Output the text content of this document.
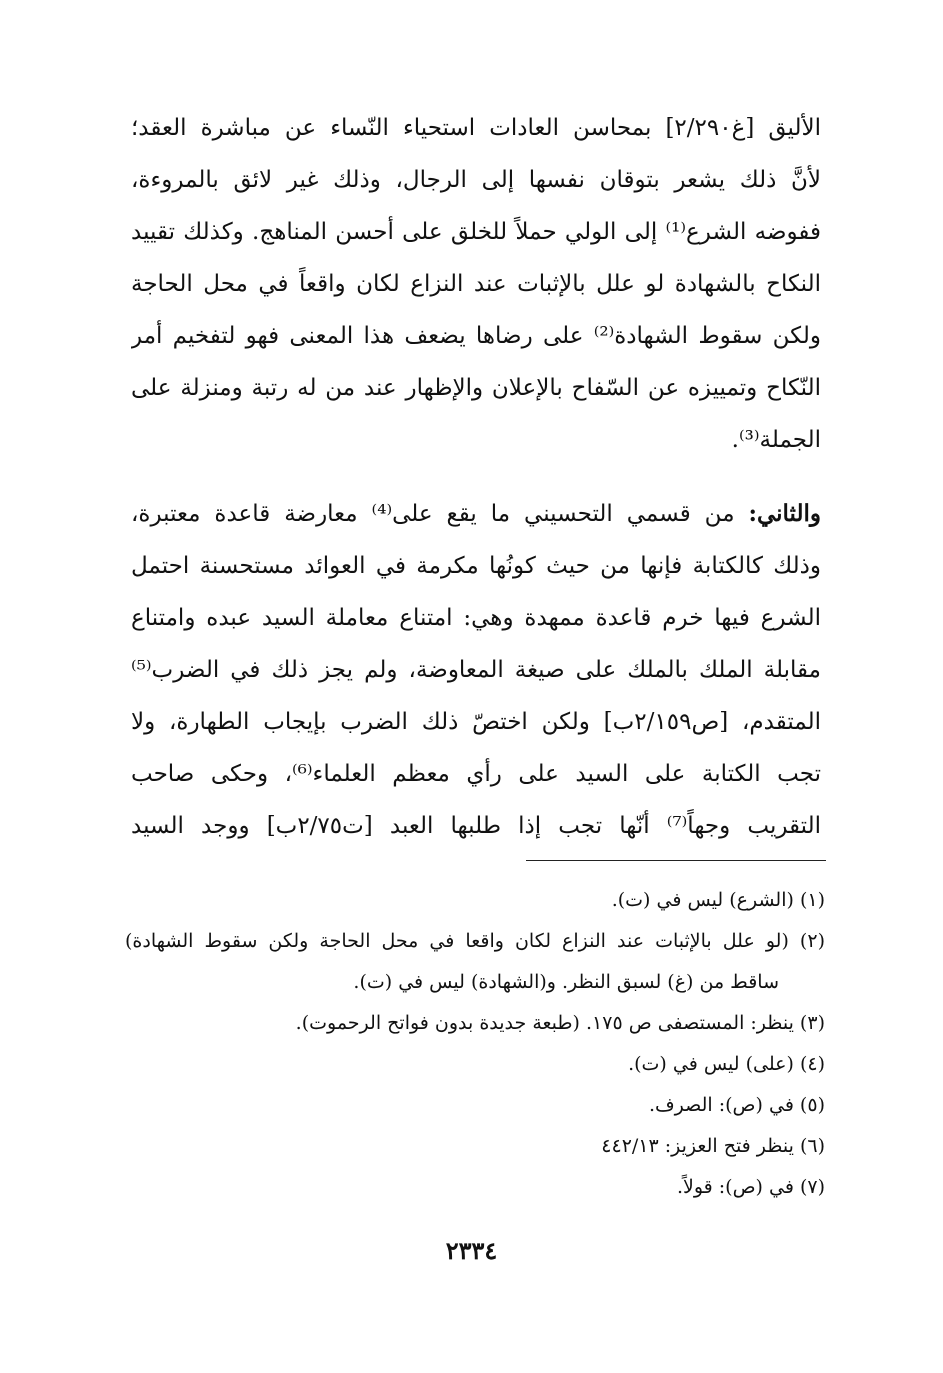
الأليق [غ٢/٢٩٠] بمحاسن العادات استحياء النّساء عن مباشرة العقد؛
لأنَّ ذلك يشعر بتوقان نفسها إلى الرجال، وذلك غير لائق بالمروءة،
ففوضه الشرع⁽¹⁾ إلى الولي حملاً للخلق على أحسن المناهج. وكذلك تقييد
النكاح بالشهادة لو علل بالإثبات عند النزاع لكان واقعاً في محل الحاجة
ولكن سقوط الشهادة⁽²⁾ على رضاها يضعف هذا المعنى فهو لتفخيم أمر
النّكاح وتمييزه عن السّفاح بالإعلان والإظهار عند من له رتبة ومنزلة على
الجملة⁽³⁾.
والثاني: من قسمي التحسيني ما يقع على⁽⁴⁾ معارضة قاعدة معتبرة،
وذلك كالكتابة فإنها من حيث كونُها مكرمة في العوائد مستحسنة احتمل
الشرع فيها خرم قاعدة ممهدة وهي: امتناع معاملة السيد عبده وامتناع
مقابلة الملك بالملك على صيغة المعاوضة، ولم يجز ذلك في الضرب⁽⁵⁾
المتقدم، [ص٢/١٥٩ب] ولكن اختصّ ذلك الضرب بإيجاب الطهارة، ولا
تجب الكتابة على السيد على رأي معظم العلماء⁽⁶⁾، وحكى صاحب
التقريب وجهاً⁽⁷⁾ أنّها تجب إذا طلبها العبد [ت٢/٧٥ب] ووجد السيد
(١) (الشرع) ليس في (ت).
(٢) (لو علل بالإثبات عند النزاع لكان واقعا في محل الحاجة ولكن سقوط الشهادة)
ساقط من (غ) لسبق النظر. و(الشهادة) ليس في (ت).
(٣) ينظر: المستصفى ص ١٧٥. (طبعة جديدة بدون فواتح الرحموت).
(٤) (على) ليس في (ت).
(٥) في (ص): الصرف.
(٦) ينظر فتح العزيز: ٤٤٢/١٣
(٧) في (ص): قولاً.
٢٣٣٤
